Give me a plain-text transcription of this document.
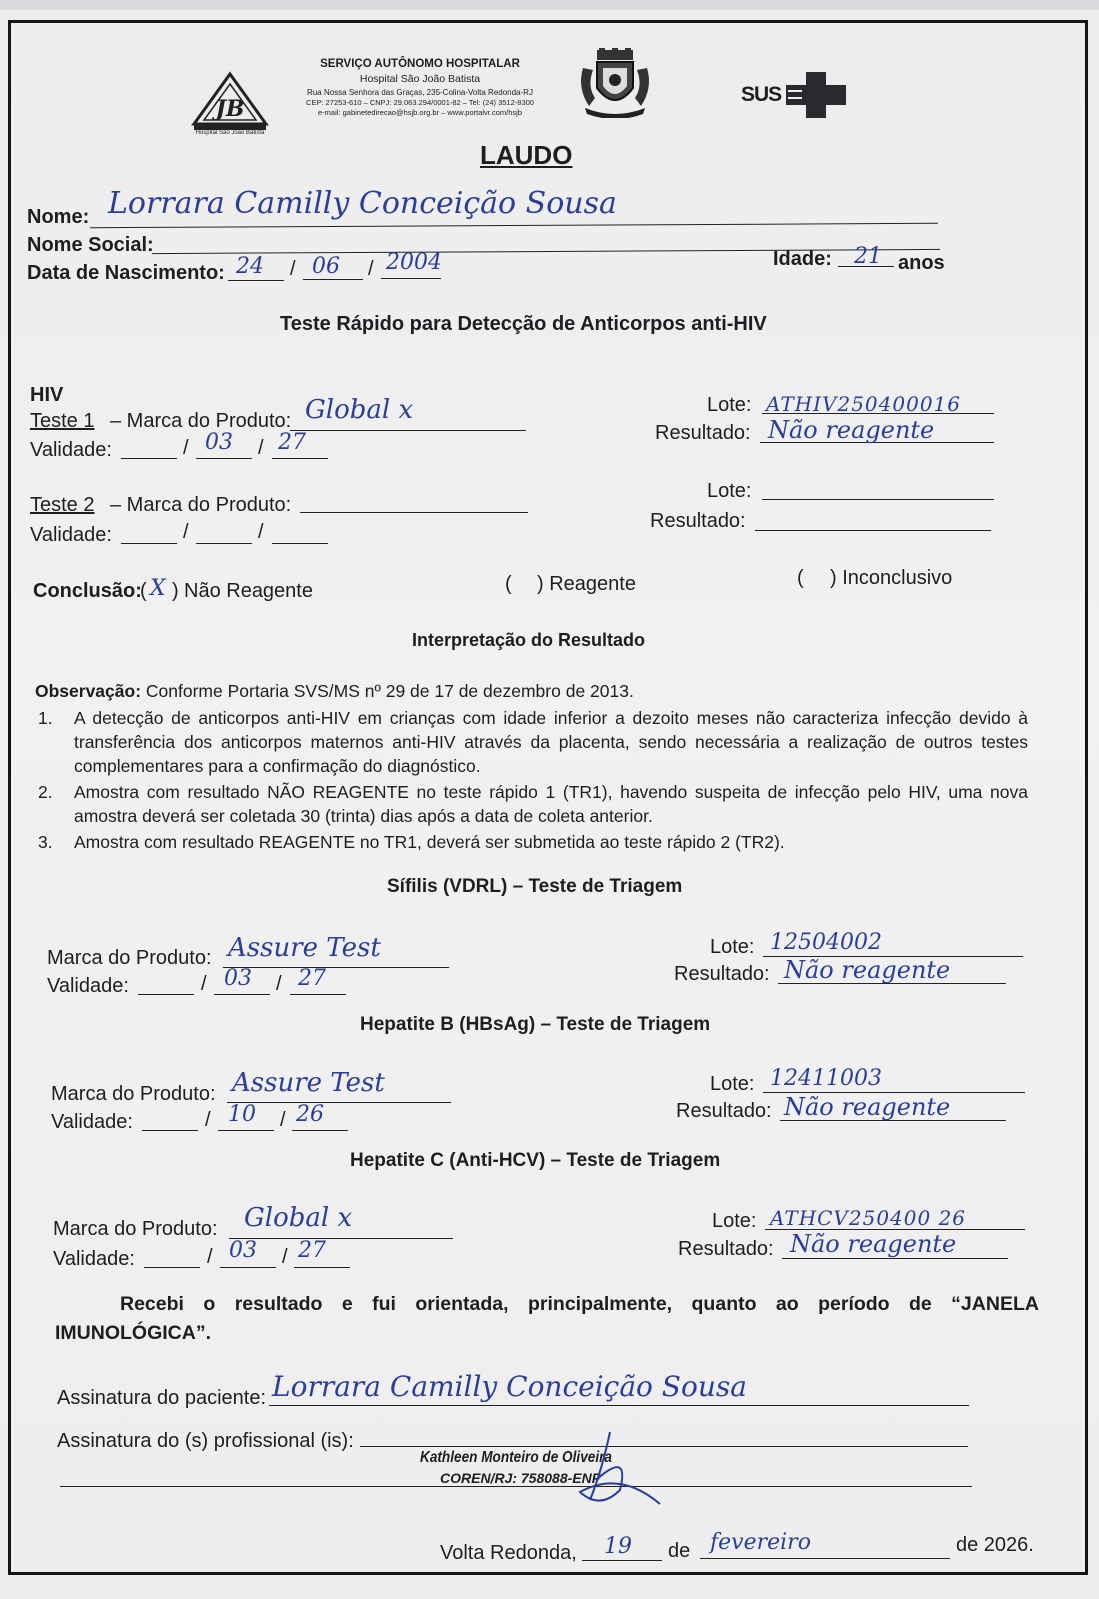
JB
Hospital São João Batista
SERVIÇO AUTÔNOMO HOSPITALAR
Hospital São João Batista
Rua Nossa Senhora das Graças, 235-Colina-Volta Redonda-RJ
CEP: 27253-610 – CNPJ: 29.063.294/0001-82 – Tel: (24) 3512-8300
e-mail: gabinetedirecao@hsjb.org.br – www.portalvr.com/hsjb
SUS
LAUDO
Nome: Lorrara Camilly Conceição Sousa
Nome Social:
Data de Nascimento: 24 / 06 / 2004	Idade: 21 anos
Teste Rápido para Detecção de Anticorpos anti-HIV
HIV
Teste 1 – Marca do Produto: Global x
Validade:	/ 03 / 27
Lote: ATHIV250400016
Resultado: Não reagente
Teste 2 – Marca do Produto:
Validade:	/	/
Lote:
Resultado:
Conclusão:
( X ) Não Reagente	( ) Reagente	( ) Inconclusivo
Interpretação do Resultado
Observação: Conforme Portaria SVS/MS nº 29 de 17 de dezembro de 2013.
1. A detecção de anticorpos anti-HIV em crianças com idade inferior a dezoito meses não caracteriza infecção devido à transferência dos anticorpos maternos anti-HIV através da placenta, sendo necessária a realização de outros testes complementares para a confirmação do diagnóstico.
2. Amostra com resultado NÃO REAGENTE no teste rápido 1 (TR1), havendo suspeita de infecção pelo HIV, uma nova amostra deverá ser coletada 30 (trinta) dias após a data de coleta anterior.
3. Amostra com resultado REAGENTE no TR1, deverá ser submetida ao teste rápido 2 (TR2).
Sífilis (VDRL) – Teste de Triagem
Marca do Produto: Assure Test
Validade:	/ 03 / 27
Lote: 12504002
Resultado: Não reagente
Hepatite B (HBsAg) – Teste de Triagem
Marca do Produto: Assure Test
Validade:	/ 10 / 26
Lote: 12411003
Resultado: Não reagente
Hepatite C (Anti-HCV) – Teste de Triagem
Marca do Produto: Global x
Validade:	/ 03 / 27
Lote: ATHCV250400 26
Resultado: Não reagente
Recebi o resultado e fui orientada, principalmente, quanto ao período de “JANELA
IMUNOLÓGICA”.
Assinatura do paciente: Lorrara Camilly Conceição Sousa
Assinatura do (s) profissional (is):
Kathleen Monteiro de Oliveira
COREN/RJ: 758088-ENF
Volta Redonda, 19 de fevereiro	de 2026.
